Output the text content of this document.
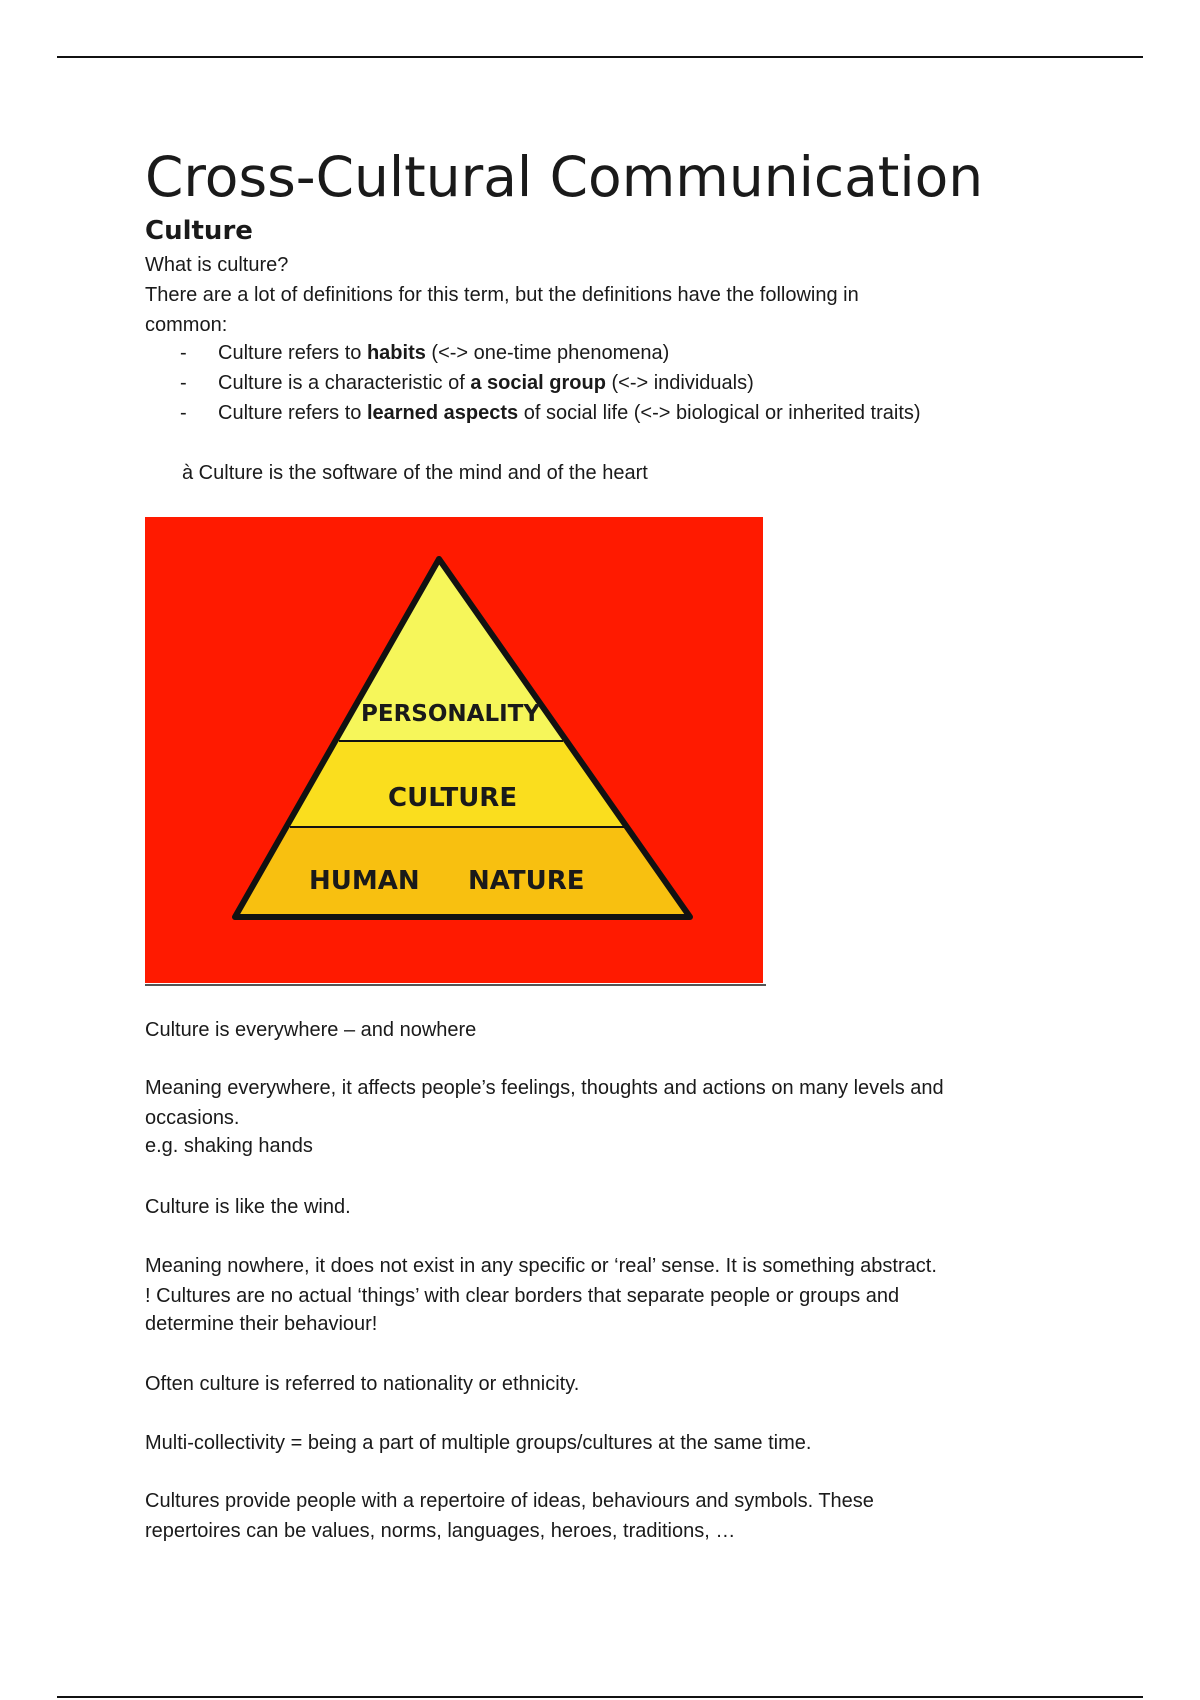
Cross-Cultural Communication
Culture
What is culture?
There are a lot of definitions for this term, but the definitions have the following in
common:
- Culture refers to habits (<-> one-time phenomena)
- Culture is a characteristic of a social group (<-> individuals)
- Culture refers to learned aspects of social life (<-> biological or inherited traits)
à Culture is the software of the mind and of the heart
PERSONALITY
CULTURE
HUMAN NATURE
Culture is everywhere – and nowhere
Meaning everywhere, it affects people’s feelings, thoughts and actions on many levels and
occasions.
e.g. shaking hands
Culture is like the wind.
Meaning nowhere, it does not exist in any specific or ‘real’ sense. It is something abstract.
! Cultures are no actual ‘things’ with clear borders that separate people or groups and
determine their behaviour!
Often culture is referred to nationality or ethnicity.
Multi-collectivity = being a part of multiple groups/cultures at the same time.
Cultures provide people with a repertoire of ideas, behaviours and symbols. These
repertoires can be values, norms, languages, heroes, traditions, …
